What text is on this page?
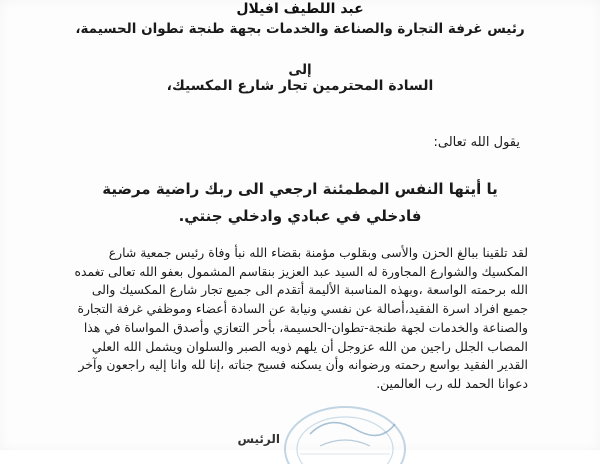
عبد اللطيف افيلال
رئيس غرفة التجارة والصناعة والخدمات بجهة طنجة تطوان الحسيمة،
إلى
السادة المحترمين تجار شارع المكسيك،
يقول الله تعالى:
يا أيتها النفس المطمئنة ارجعي الى ربك راضية مرضية
فادخلي في عبادي وادخلي جنتي.
لقد تلقينا ببالغ الحزن والأسى وبقلوب مؤمنة بقضاء الله نبأ وفاة رئيس جمعية شارع
المكسيك والشوارع المجاورة له السيد عبد العزيز بنقاسم المشمول بعفو الله تعالى تغمده
الله برحمته الواسعة ،وبهذه المناسبة الأليمة أتقدم الى جميع تجار شارع المكسيك والى
جميع افراد اسرة الفقيد،أصالة عن نفسي ونيابة عن السادة أعضاء وموظفي غرفة التجارة
والصناعة والخدمات لجهة طنجة-تطوان-الحسيمة، بأحر التعازي وأصدق المواساة في هذا
المصاب الجلل راجين من الله عزوجل أن يلهم ذويه الصبر والسلوان ويشمل الله العلي
القدير الفقيد بواسع رحمته ورضوانه وأن يسكنه فسيح جناته ،إنا لله وانا إليه راجعون وآخر
دعوانا الحمد لله رب العالمين.
الرئيس
